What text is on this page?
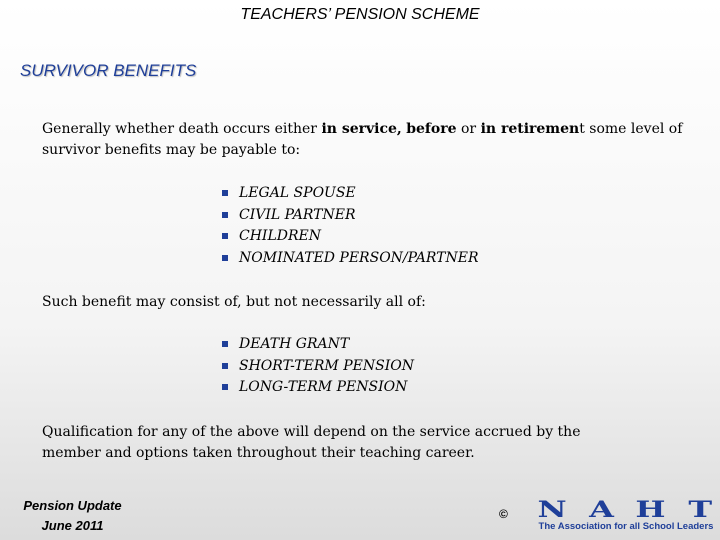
TEACHERS’ PENSION SCHEME
SURVIVOR BENEFITS
Generally whether death occurs either in service, before or in retirement some level of survivor benefits may be payable to:
LEGAL SPOUSE
CIVIL PARTNER
CHILDREN
NOMINATED PERSON/PARTNER
Such benefit may consist of, but not necessarily all of:
DEATH GRANT
SHORT-TERM PENSION
LONG-TERM PENSION
Qualification for any of the above will depend on the service accrued by the member and options taken throughout their teaching career.
Pension Update
June 2011
© N A H T
The Association for all School Leaders
